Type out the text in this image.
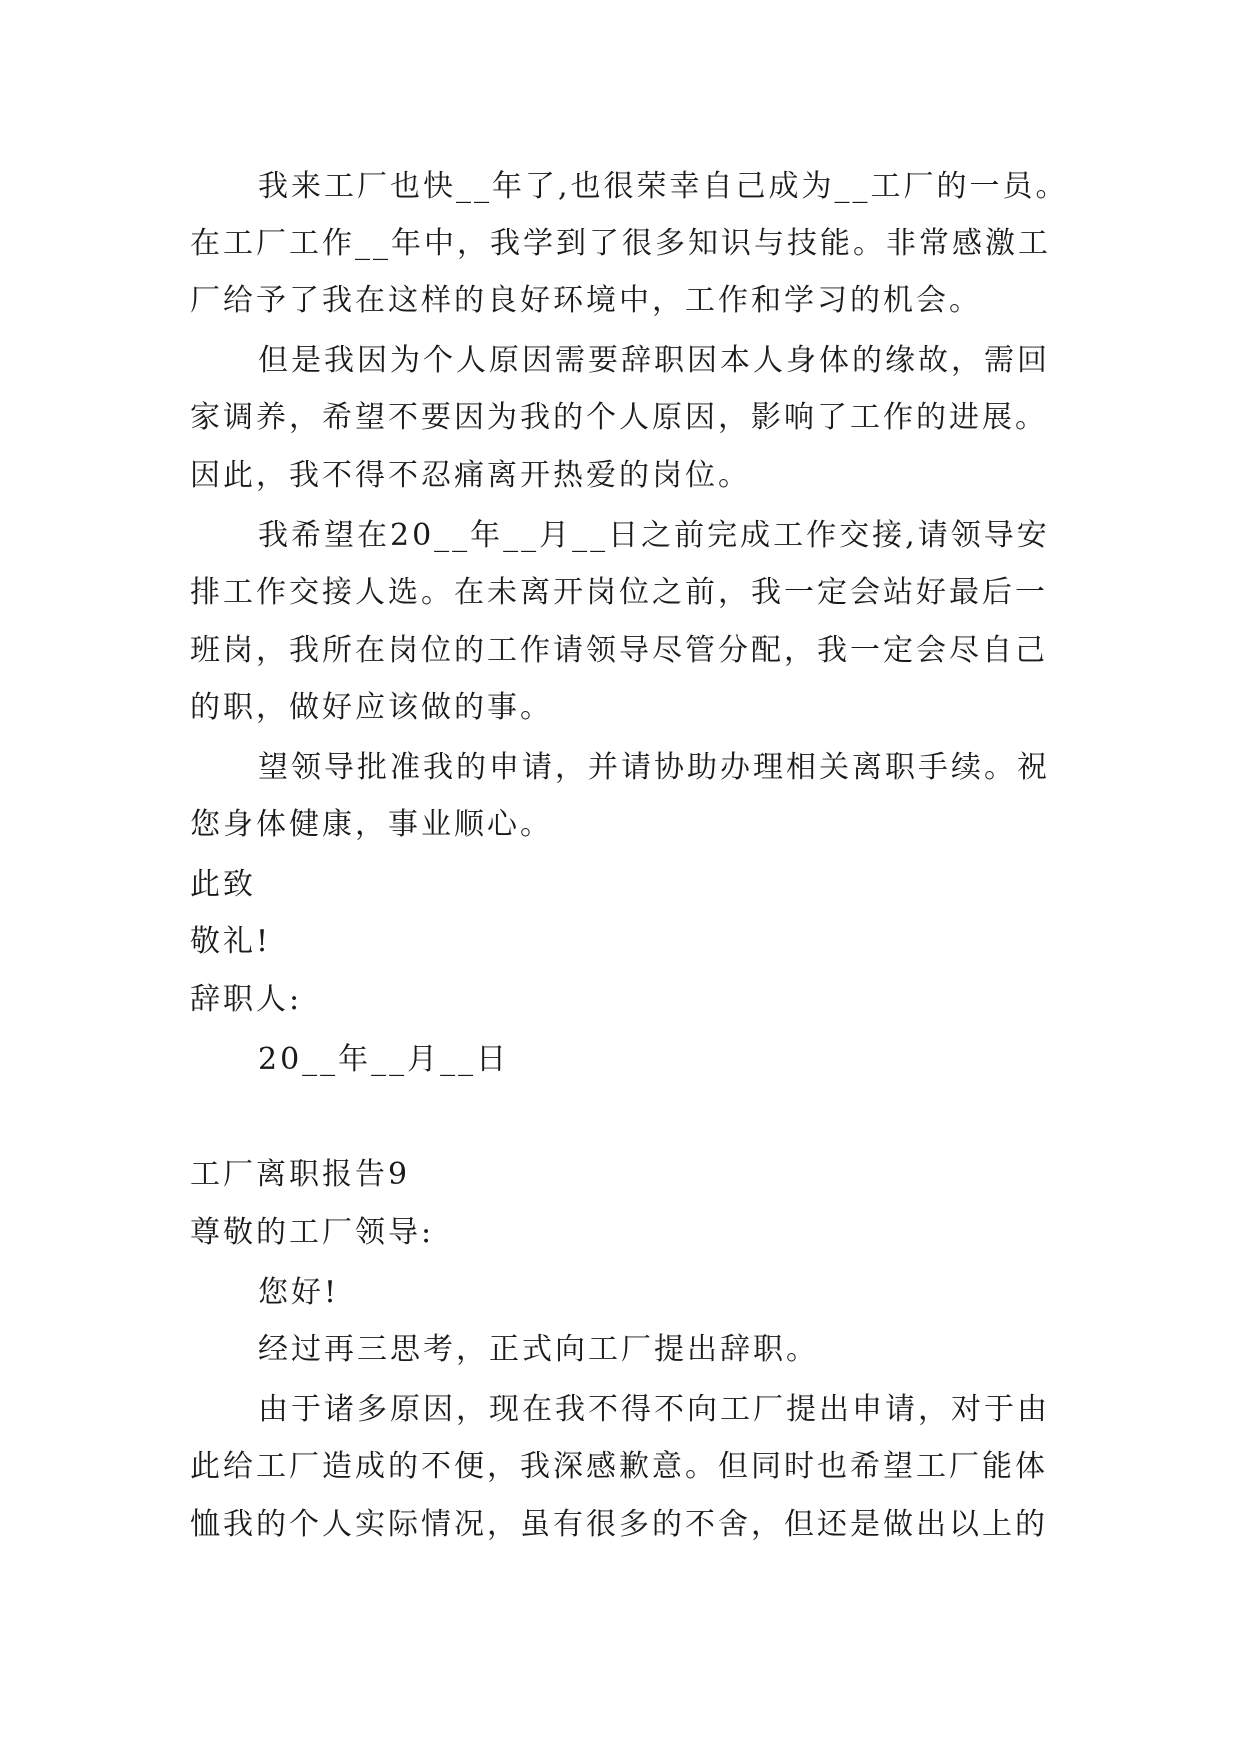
我来工厂也快__年了,也很荣幸自己成为__工厂的一员。
在工厂工作__年中，我学到了很多知识与技能。非常感激工
厂给予了我在这样的良好环境中，工作和学习的机会。
但是我因为个人原因需要辞职因本人身体的缘故，需回
家调养，希望不要因为我的个人原因，影响了工作的进展。
因此，我不得不忍痛离开热爱的岗位。
我希望在20__年__月__日之前完成工作交接,请领导安
排工作交接人选。在未离开岗位之前，我一定会站好最后一
班岗，我所在岗位的工作请领导尽管分配，我一定会尽自己
的职，做好应该做的事。
望领导批准我的申请，并请协助办理相关离职手续。祝
您身体健康，事业顺心。
此致
敬礼!
辞职人:
20__年__月__日
工厂离职报告9
尊敬的工厂领导:
您好!
经过再三思考，正式向工厂提出辞职。
由于诸多原因，现在我不得不向工厂提出申请，对于由
此给工厂造成的不便，我深感歉意。但同时也希望工厂能体
恤我的个人实际情况，虽有很多的不舍，但还是做出以上的
